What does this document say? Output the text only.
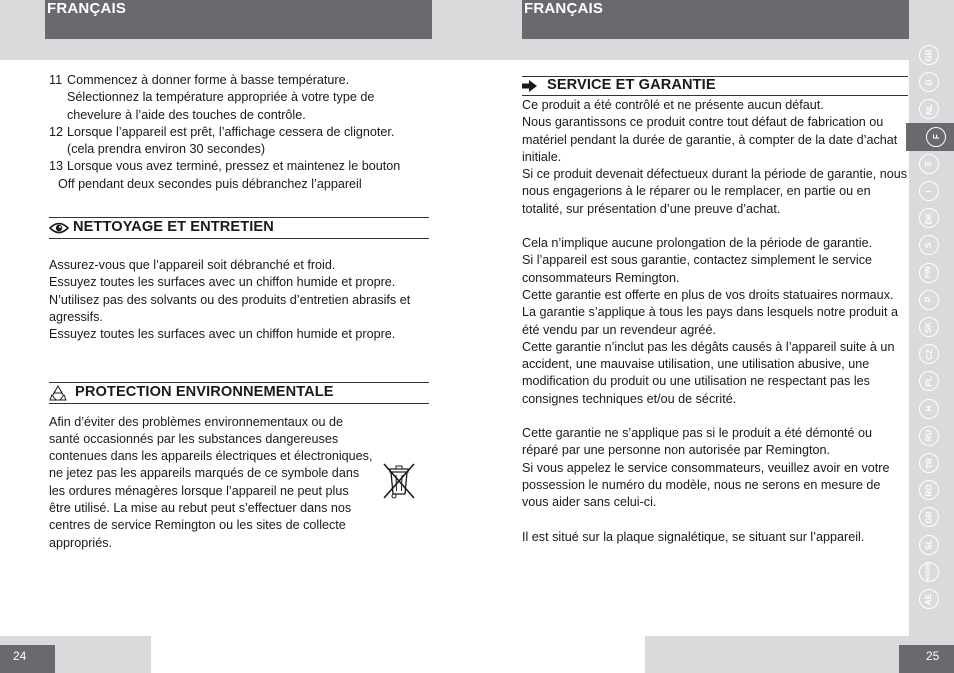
FRANÇAIS	FRANÇAIS
GB
D
NL
F
E
I
DK
S
FIN
P
SK
CZ
PL
H
RU
TR
RO
GR
SL
HR/SRB
AE
11 Commencez à donner forme à basse température.
Sélectionnez la température appropriée à votre type de chevelure à l’aide des touches de contrôle.
12 Lorsque l’appareil est prêt, l’affichage cessera de clignoter.
(cela prendra environ 30 secondes)
13 Lorsque vous avez terminé, pressez et maintenez le bouton
Off pendant deux secondes puis débranchez l’appareil
NETTOYAGE ET ENTRETIEN

Assurez-vous que l’appareil soit débranché et froid.

Essuyez toutes les surfaces avec un chiffon humide et propre.

N’utilisez pas des solvants ou des produits d’entretien abrasifs et agressifs.

Essuyez toutes les surfaces avec un chiffon humide et propre.

PROTECTION ENVIRONNEMENTALE

Afin d’éviter des problèmes environnementaux ou de santé occasionnés par les substances dangereuses contenues dans les appareils électriques et électroniques, ne jetez pas les appareils marqués de ce symbole dans les ordures ménagères lorsque l’appareil ne peut plus être utilisé. La mise au rebut peut s’effectuer dans nos centres de service Remington ou les sites de collecte appropriés.

SERVICE ET GARANTIE

Ce produit a été contrôlé et ne présente aucun défaut.

Nous garantissons ce produit contre tout défaut de fabrication ou matériel pendant la durée de garantie, à compter de la date d’achat initiale.

Si ce produit devenait défectueux durant la période de garantie, nous nous engagerions à le réparer ou le remplacer, en partie ou en totalité, sur présentation d’une preuve d’achat.

Cela n’implique aucune prolongation de la période de garantie.

Si l’appareil est sous garantie, contactez simplement le service consommateurs Remington.

Cette garantie est offerte en plus de vos droits statuaires normaux.

La garantie s’applique à tous les pays dans lesquels notre produit a été vendu par un revendeur agréé.

Cette garantie n’inclut pas les dégâts causés à l’appareil suite à un accident, une mauvaise utilisation, une utilisation abusive, une modification du produit ou une utilisation ne respectant pas les consignes techniques et/ou de sécrité.

Cette garantie ne s’applique pas si le produit a été démonté ou réparé par une personne non autorisée par Remington.

Si vous appelez le service consommateurs, veuillez avoir en votre possession le numéro du modèle, nous ne serons en mesure de vous aider sans celui-ci.

Il est situé sur la plaque signalétique, se situant sur l’appareil.

24	25
